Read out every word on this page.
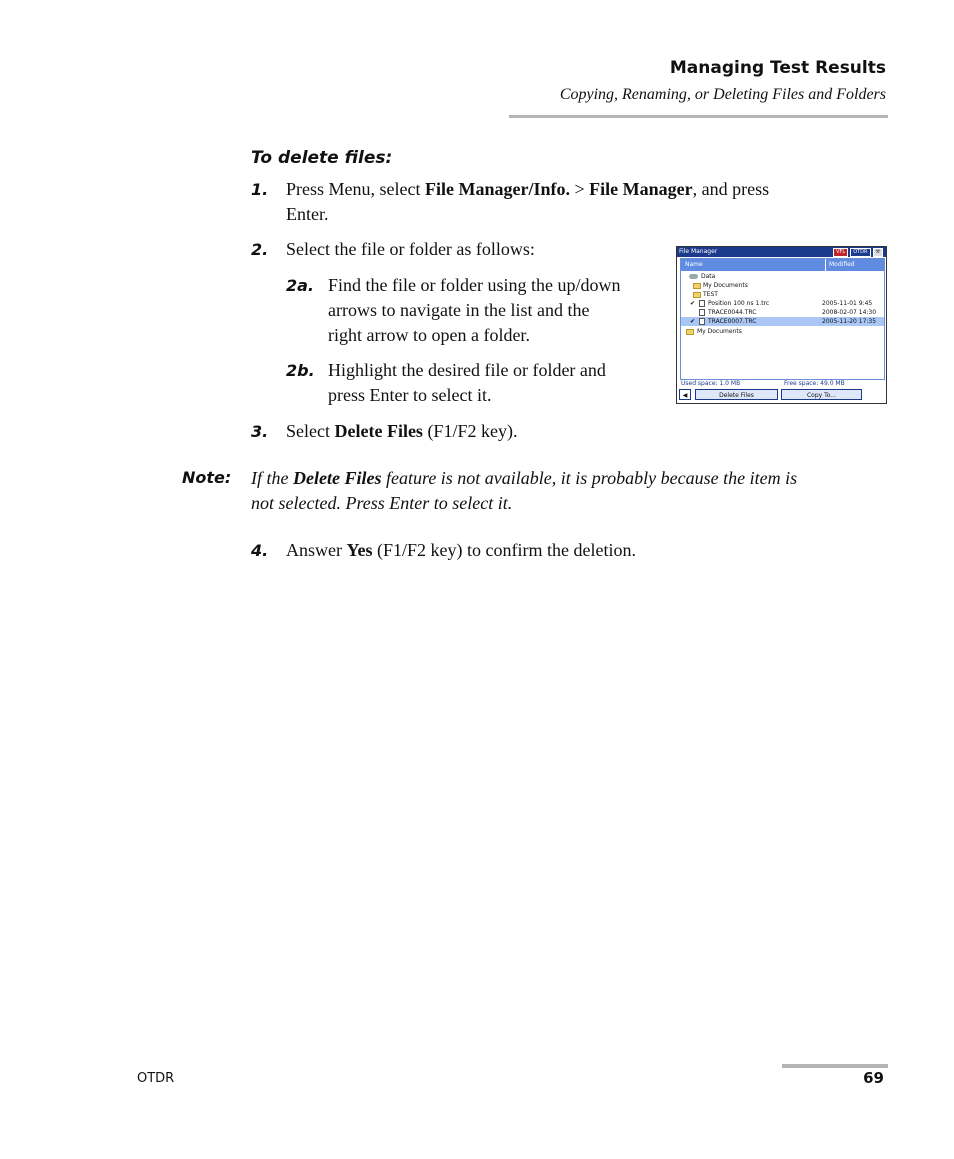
Managing Test Results
Copying, Renaming, or Deleting Files and Folders
To delete files:
1. Press Menu, select File Manager/Info. > File Manager, and press
Enter.
2. Select the file or folder as follows:
2a. Find the file or folder using the up/down
arrows to navigate in the list and the
right arrow to open a folder.
2b. Highlight the desired file or folder and
press Enter to select it.
3. Select Delete Files (F1/F2 key).
File Manager	VFL	OTDR	⚒
Name	Modified
Data
My Documents
TEST
✔ Position 100 ns 1.trc	2005-11-01 9:45
TRACE0044.TRC	2008-02-07 14:30
✔ TRACE0007.TRC	2005-11-20 17:35
My Documents
Used space: 1.0 MB	Free space: 49.0 MB
◀	Delete Files	Copy To...
Note: If the Delete Files feature is not available, it is probably because the item is
not selected. Press Enter to select it.
4. Answer Yes (F1/F2 key) to confirm the deletion.
OTDR	69
